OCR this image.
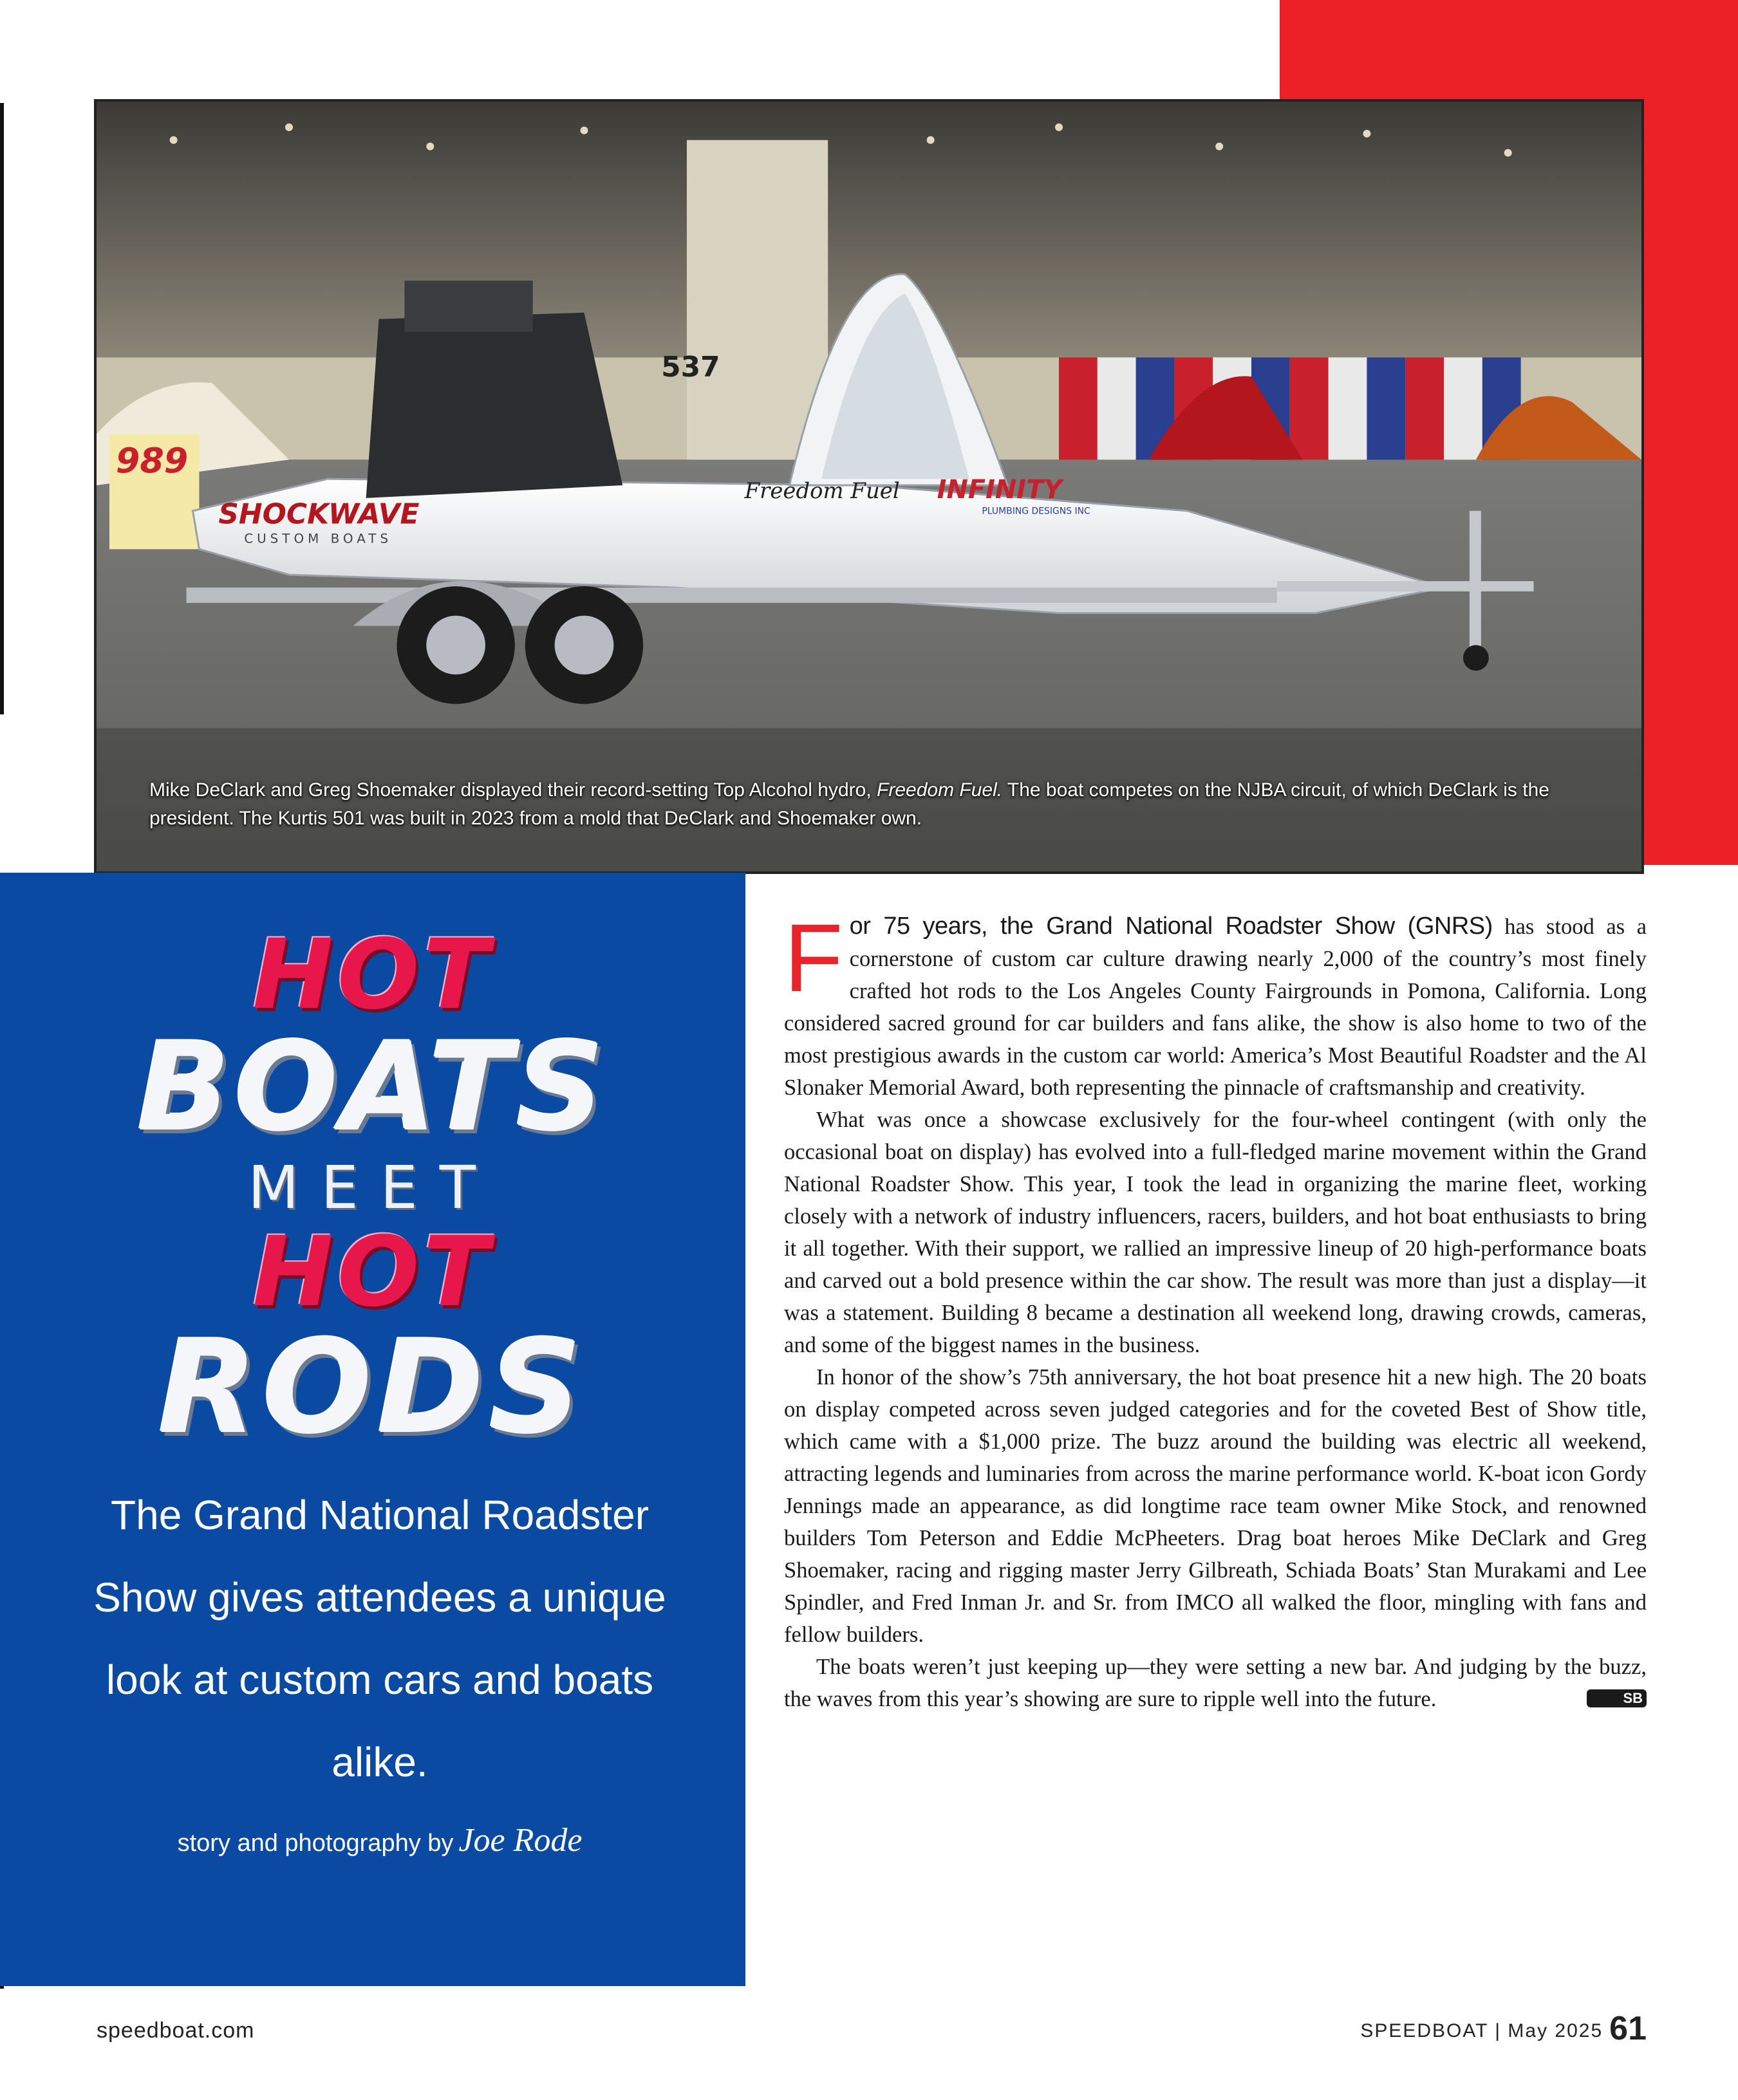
SHOCKWAVE
CUSTOM BOATS
Freedom Fuel INFINITY
PLUMBING DESIGNS INC
537
989
Mike DeClark and Greg Shoemaker displayed their record-setting Top Alcohol hydro, Freedom Fuel. The boat competes on the NJBA circuit, of which DeClark is the president. The Kurtis 501 was built in 2023 from a mold that DeClark and Shoemaker own.
HOT
BOATS
MEET
HOT
RODS
The Grand National Roadster Show gives attendees a unique look at custom cars and boats alike.
story and photography by Joe Rode

For 75 years, the Grand National Roadster Show (GNRS) has stood as a cornerstone of custom car culture drawing nearly 2,000 of the country’s most finely crafted hot rods to the Los Angeles County Fairgrounds in Pomona, California. Long considered sacred ground for car builders and fans alike, the show is also home to two of the most prestigious awards in the custom car world: America’s Most Beautiful Roadster and the Al Slonaker Memorial Award, both representing the pinnacle of craftsmanship and creativity.

What was once a showcase exclusively for the four-wheel contingent (with only the occasional boat on display) has evolved into a full-fledged marine movement within the Grand National Roadster Show. This year, I took the lead in organizing the marine fleet, working closely with a network of industry influencers, racers, builders, and hot boat enthusiasts to bring it all together. With their support, we rallied an impressive lineup of 20 high-performance boats and carved out a bold presence within the car show. The result was more than just a display—it was a statement. Building 8 became a destination all weekend long, drawing crowds, cameras, and some of the biggest names in the business.

In honor of the show’s 75th anniversary, the hot boat presence hit a new high. The 20 boats on display competed across seven judged categories and for the coveted Best of Show title, which came with a $1,000 prize. The buzz around the building was electric all weekend, attracting legends and luminaries from across the marine performance world. K-boat icon Gordy Jennings made an appearance, as did longtime race team owner Mike Stock, and renowned builders Tom Peterson and Eddie McPheeters. Drag boat heroes Mike DeClark and Greg Shoemaker, racing and rigging master Jerry Gilbreath, Schiada Boats’ Stan Murakami and Lee Spindler, and Fred Inman Jr. and Sr. from IMCO all walked the floor, mingling with fans and fellow builders.

The boats weren’t just keeping up—they were setting a new bar. And judging by the buzz, the waves from this year’s showing are sure to ripple well into the future.	SB

speedboat.com	SPEEDBOAT | May 2025 61
